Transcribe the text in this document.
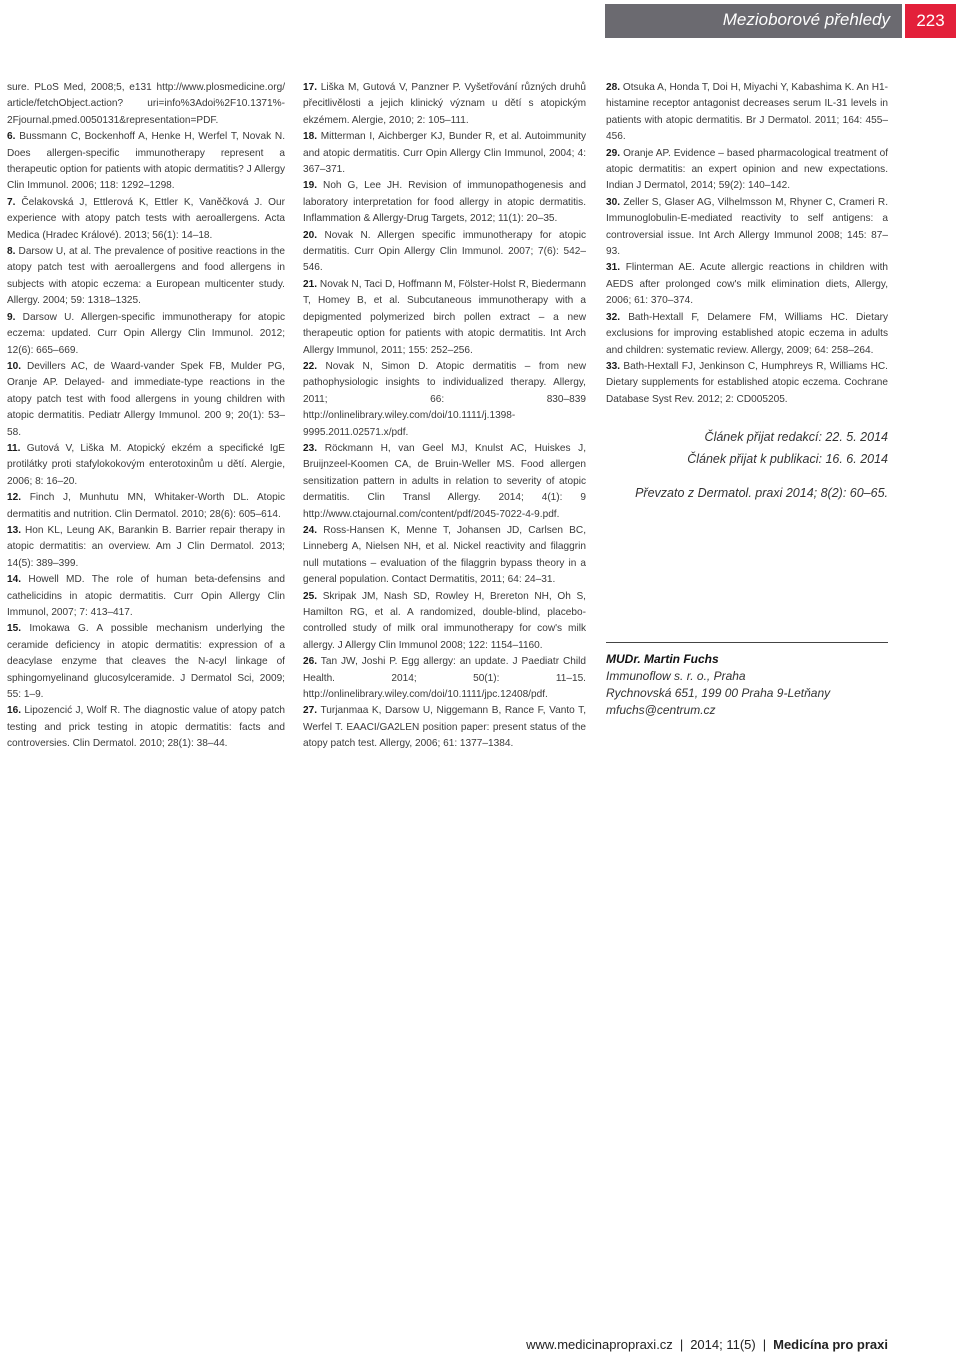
Mezioborové přehledy	223

sure. PLoS Med, 2008;5, e131 http://www.plosmedicine.org/ article/fetchObject.action? uri=info%3Adoi%2F10.1371%- 2Fjournal.pmed.0050131&representation=PDF.

6. Bussmann C, Bockenhoff A, Henke H, Werfel T, Novak N. Does allergen-specific immunotherapy represent a therapeutic option for patients with atopic dermatitis? J Allergy Clin Immunol. 2006; 118: 1292–1298.

7. Čelakovská J, Ettlerová K, Ettler K, Vaněčková J. Our experience with atopy patch tests with aeroallergens. Acta Medica (Hradec Králové). 2013; 56(1): 14–18.

8. Darsow U, at al. The prevalence of positive reactions in the atopy patch test with aeroallergens and food allergens in subjects with atopic eczema: a European multicenter study. Allergy. 2004; 59: 1318–1325.

9. Darsow U. Allergen-specific immunotherapy for atopic eczema: updated. Curr Opin Allergy Clin Immunol. 2012; 12(6): 665–669.

10. Devillers AC, de Waard-vander Spek FB, Mulder PG, Oranje AP. Delayed- and immediate-type reactions in the atopy patch test with food allergens in young children with atopic dermatitis. Pediatr Allergy Immunol. 200 9; 20(1): 53–58.

11. Gutová V, Liška M. Atopický ekzém a specifické IgE protilátky proti stafylokokovým enterotoxinům u dětí. Alergie, 2006; 8: 16–20.

12. Finch J, Munhutu MN, Whitaker-Worth DL. Atopic dermatitis and nutrition. Clin Dermatol. 2010; 28(6): 605–614.

13. Hon KL, Leung AK, Barankin B. Barrier repair therapy in atopic dermatitis: an overview. Am J Clin Dermatol. 2013; 14(5): 389–399.

14. Howell MD. The role of human beta-defensins and cathelicidins in atopic dermatitis. Curr Opin Allergy Clin Immunol, 2007; 7: 413–417.

15. Imokawa G. A possible mechanism underlying the ceramide deficiency in atopic dermatitis: expression of a deacylase enzyme that cleaves the N-acyl linkage of sphingomyelinand glucosylceramide. J Dermatol Sci, 2009; 55: 1–9.

16. Lipozencić J, Wolf R. The diagnostic value of atopy patch testing and prick testing in atopic dermatitis: facts and controversies. Clin Dermatol. 2010; 28(1): 38–44.

17. Liška M, Gutová V, Panzner P. Vyšetřování různých druhů přecitlivělosti a jejich klinický význam u dětí s atopickým ekzémem. Alergie, 2010; 2: 105–111.

18. Mitterman I, Aichberger KJ, Bunder R, et al. Autoimmunity and atopic dermatitis. Curr Opin Allergy Clin Immunol, 2004; 4: 367–371.

19. Noh G, Lee JH. Revision of immunopathogenesis and laboratory interpretation for food allergy in atopic dermatitis. Inflammation & Allergy-Drug Targets, 2012; 11(1): 20–35.

20. Novak N. Allergen specific immunotherapy for atopic dermatitis. Curr Opin Allergy Clin Immunol. 2007; 7(6): 542–546.

21. Novak N, Taci D, Hoffmann M, Fölster-Holst R, Biedermann T, Homey B, et al. Subcutaneous immunotherapy with a depigmented polymerized birch pollen extract – a new therapeutic option for patients with atopic dermatitis. Int Arch Allergy Immunol, 2011; 155: 252–256.

22. Novak N, Simon D. Atopic dermatitis – from new pathophysiologic insights to individualized therapy. Allergy, 2011; 66: 830–839 http://onlinelibrary.wiley.com/doi/10.1111/j.1398-9995.2011.02571.x/pdf.

23. Röckmann H, van Geel MJ, Knulst AC, Huiskes J, Bruijnzeel-Koomen CA, de Bruin-Weller MS. Food allergen sensitization pattern in adults in relation to severity of atopic dermatitis. Clin Transl Allergy. 2014; 4(1): 9 http://www.ctajournal.com/content/pdf/2045-7022-4-9.pdf.

24. Ross-Hansen K, Menne T, Johansen JD, Carlsen BC, Linneberg A, Nielsen NH, et al. Nickel reactivity and filaggrin null mutations – evaluation of the filaggrin bypass theory in a general population. Contact Dermatitis, 2011; 64: 24–31.

25. Skripak JM, Nash SD, Rowley H, Brereton NH, Oh S, Hamilton RG, et al. A randomized, double-blind, placebo-controlled study of milk oral immunotherapy for cow's milk allergy. J Allergy Clin Immunol 2008; 122: 1154–1160.

26. Tan JW, Joshi P. Egg allergy: an update. J Paediatr Child Health. 2014; 50(1): 11–15. http://onlinelibrary.wiley.com/doi/10.1111/jpc.12408/pdf.

27. Turjanmaa K, Darsow U, Niggemann B, Rance F, Vanto T, Werfel T. EAACI/GA2LEN position paper: present status of the atopy patch test. Allergy, 2006; 61: 1377–1384.

28. Otsuka A, Honda T, Doi H, Miyachi Y, Kabashima K. An H1-histamine receptor antagonist decreases serum IL-31 levels in patients with atopic dermatitis. Br J Dermatol. 2011; 164: 455–456.

29. Oranje AP. Evidence – based pharmacological treatment of atopic dermatitis: an expert opinion and new expectations. Indian J Dermatol, 2014; 59(2): 140–142.

30. Zeller S, Glaser AG, Vilhelmsson M, Rhyner C, Crameri R. Immunoglobulin-E-mediated reactivity to self antigens: a controversial issue. Int Arch Allergy Immunol 2008; 145: 87–93.

31. Flinterman AE. Acute allergic reactions in children with AEDS after prolonged cow's milk elimination diets, Allergy, 2006; 61: 370–374.

32. Bath-Hextall F, Delamere FM, Williams HC. Dietary exclusions for improving established atopic eczema in adults and children: systematic review. Allergy, 2009; 64: 258–264.

33. Bath-Hextall FJ, Jenkinson C, Humphreys R, Williams HC. Dietary supplements for established atopic eczema. Cochrane Database Syst Rev. 2012; 2: CD005205.

Článek přijat redakcí: 22. 5. 2014
Článek přijat k publikaci: 16. 6. 2014
Převzato z Dermatol. praxi 2014; 8(2): 60–65.
MUDr. Martin Fuchs
Immunoflow s. r. o., Praha
Rychnovská 651, 199 00 Praha 9-Letňany
mfuchs@centrum.cz
www.medicinapropraxi.cz | 2014; 11(5) | Medicína pro praxi
